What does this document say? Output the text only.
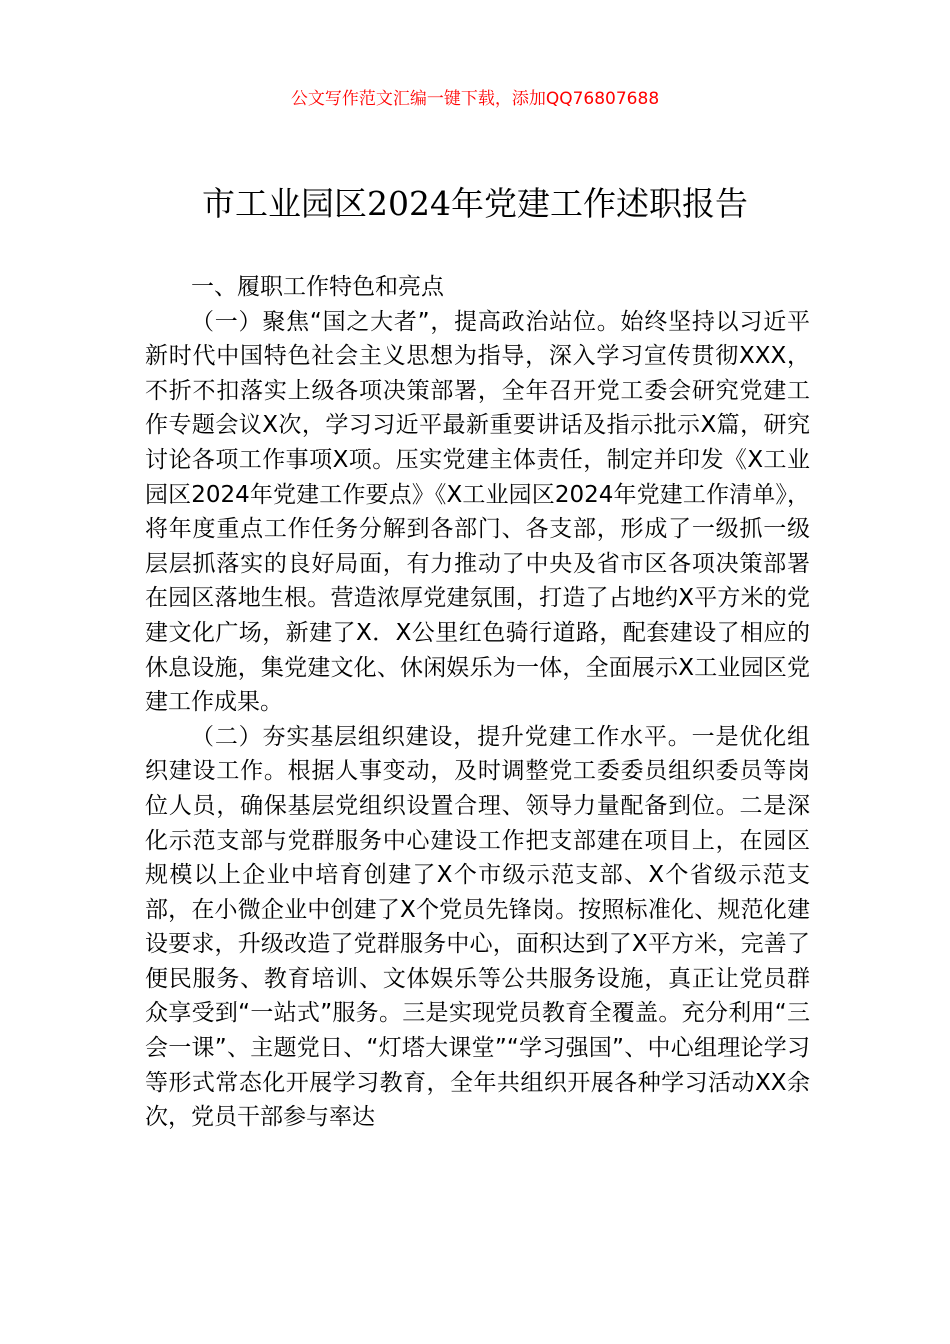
公文写作范文汇编一键下载，添加QQ76807688
市工业园区2024年党建工作述职报告

一、履职工作特色和亮点

（一）聚焦“国之大者”，提高政治站位。始终坚持以习近平新时代中国特色社会主义思想为指导，深入学习宣传贯彻XXX，不折不扣落实上级各项决策部署，全年召开党工委会研究党建工作专题会议X次，学习习近平最新重要讲话及指示批示X篇，研究讨论各项工作事项X项。压实党建主体责任，制定并印发《X工业园区2024年党建工作要点》《X工业园区2024年党建工作清单》，将年度重点工作任务分解到各部门、各支部，形成了一级抓一级层层抓落实的良好局面，有力推动了中央及省市区各项决策部署在园区落地生根。营造浓厚党建氛围，打造了占地约X平方米的党建文化广场，新建了X．X公里红色骑行道路，配套建设了相应的休息设施，集党建文化、休闲娱乐为一体，全面展示X工业园区党建工作成果。

（二）夯实基层组织建设，提升党建工作水平。一是优化组织建设工作。根据人事变动，及时调整党工委委员组织委员等岗位人员，确保基层党组织设置合理、领导力量配备到位。二是深化示范支部与党群服务中心建设工作把支部建在项目上，在园区规模以上企业中培育创建了X个市级示范支部、X个省级示范支部，在小微企业中创建了X个党员先锋岗。按照标准化、规范化建设要求，升级改造了党群服务中心，面积达到了X平方米，完善了便民服务、教育培训、文体娱乐等公共服务设施，真正让党员群众享受到“一站式”服务。三是实现党员教育全覆盖。充分利用“三会一课”、主题党日、“灯塔大课堂”“学习强国”、中心组理论学习等形式常态化开展学习教育，全年共组织开展各种学习活动XX余次，党员干部参与率达
